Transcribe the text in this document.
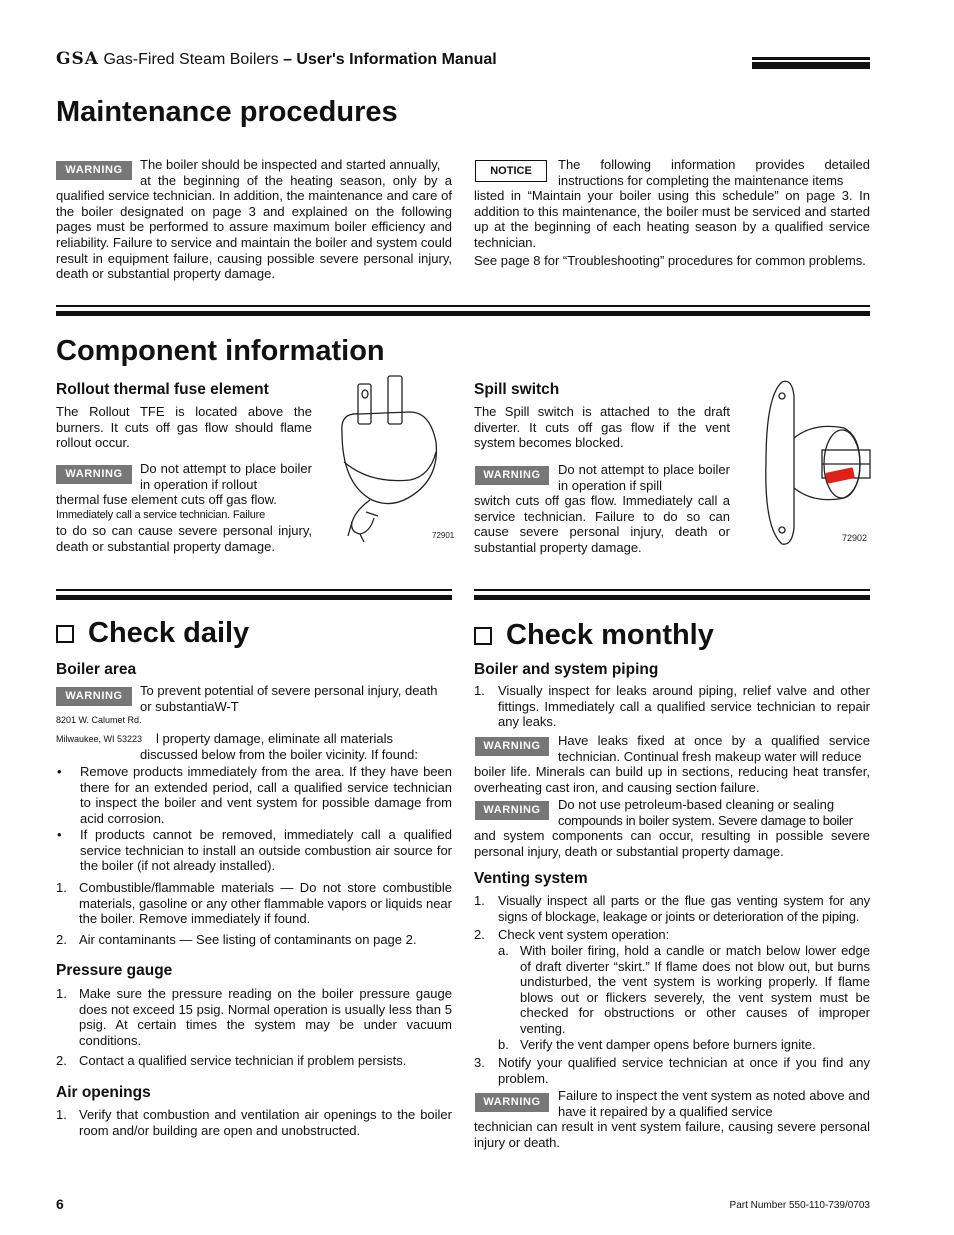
GSA Gas-Fired Steam Boilers – User's Information Manual
Maintenance procedures
WARNING	The boiler should be inspected and started annually,
at the beginning of the heating season, only by a qualified service technician. In addition, the maintenance and care of the boiler designated on page 3 and explained on the following pages must be performed to assure maximum boiler efficiency and reliability. Failure to service and maintain the boiler and system could result in equipment failure, causing possible severe personal injury, death or substantial property damage.
NOTICE	The following information provides detailed instructions for completing the maintenance items
listed in “Maintain your boiler using this schedule” on page 3. In addition to this maintenance, the boiler must be serviced and started up at the beginning of each heating season by a qualified service technician.
See page 8 for “Troubleshooting” procedures for common problems.
Component information
Rollout thermal fuse element
The Rollout TFE is located above the burners. It cuts off gas flow should flame rollout occur.
WARNING	Do not attempt to place boiler in operation if rollout
thermal fuse element cuts off gas flow.
Immediately call a service technician. Failure
to do so can cause severe personal injury, death or substantial property damage.
72901
Spill switch
The Spill switch is attached to the draft diverter. It cuts off gas flow if the vent system becomes blocked.
WARNING	Do not attempt to place boiler in operation if spill
switch cuts off gas flow. Immediately call a service technician. Failure to do so can cause severe personal injury, death or substantial property damage.
72902
Check daily
Boiler area
WARNING	To prevent potential of severe personal injury, death
or substantiaW-T
8201 W. Calumet Rd.
Milwaukee, WI 53223 l property damage, eliminate all materials
discussed below from the boiler vicinity. If found:
•	Remove products immediately from the area. If they have been there for an extended period, call a qualified service technician to inspect the boiler and vent system for possible damage from acid corrosion.
•	If products cannot be removed, immediately call a qualified service technician to install an outside combustion air source for the boiler (if not already installed).
1. Combustible/flammable materials — Do not store combustible materials, gasoline or any other flammable vapors or liquids near the boiler. Remove immediately if found.
2. Air contaminants — See listing of contaminants on page 2.
Pressure gauge
1. Make sure the pressure reading on the boiler pressure gauge does not exceed 15 psig. Normal operation is usually less than 5 psig. At certain times the system may be under vacuum conditions.
2. Contact a qualified service technician if problem persists.
Air openings
1. Verify that combustion and ventilation air openings to the boiler room and/or building are open and unobstructed.
Check monthly
Boiler and system piping
1.	Visually inspect for leaks around piping, relief valve and other fittings. Immediately call a qualified service technician to repair any leaks.
WARNING	Have leaks fixed at once by a qualified service technician. Continual fresh makeup water will reduce
boiler life. Minerals can build up in sections, reducing heat transfer, overheating cast iron, and causing section failure.
WARNING	Do not use petroleum-based cleaning or sealing
compounds in boiler system. Severe damage to boiler
and system components can occur, resulting in possible severe personal injury, death or substantial property damage.
Venting system
1.	Visually inspect all parts or the flue gas venting system for any signs of blockage, leakage or joints or deterioration of the piping.
2.	Check vent system operation:
a. With boiler firing, hold a candle or match below lower edge of draft diverter “skirt.” If flame does not blow out, but burns undisturbed, the vent system is working properly. If flame blows out or flickers severely, the vent system must be checked for obstructions or other causes of improper venting.
b. Verify the vent damper opens before burners ignite.
3.	Notify your qualified service technician at once if you find any problem.
WARNING	Failure to inspect the vent system as noted above and have it repaired by a qualified service
technician can result in vent system failure, causing severe personal injury or death.
6	Part Number 550-110-739/0703
